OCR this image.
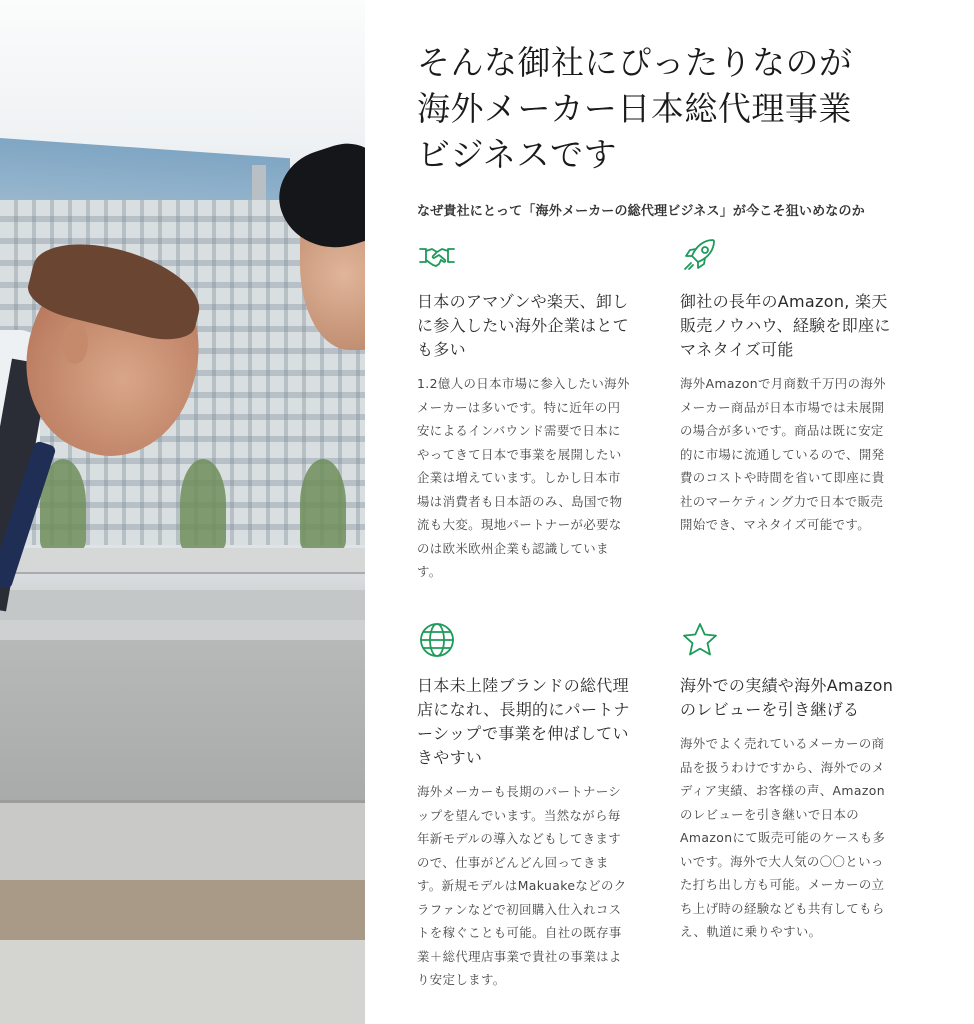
そんな御社にぴったりなのが
海外メーカー日本総代理事業
ビジネスです
なぜ貴社にとって「海外メーカーの総代理ビジネス」が今こそ狙いめなのか
日本のアマゾンや楽天、卸し
に参入したい海外企業はとて
も多い

1.2億人の日本市場に参入したい海外
メーカーは多いです。特に近年の円
安によるインバウンド需要で日本に
やってきて日本で事業を展開したい
企業は増えています。しかし日本市
場は消費者も日本語のみ、島国で物
流も大変。現地パートナーが必要な
のは欧米欧州企業も認識していま
す。

御社の長年のAmazon, 楽天
販売ノウハウ、経験を即座に
マネタイズ可能

海外Amazonで月商数千万円の海外
メーカー商品が日本市場では未展開
の場合が多いです。商品は既に安定
的に市場に流通しているので、開発
費のコストや時間を省いて即座に貴
社のマーケティング力で日本で販売
開始でき、マネタイズ可能です。

日本未上陸ブランドの総代理
店になれ、長期的にパートナ
ーシップで事業を伸ばしてい
きやすい

海外メーカーも長期のパートナーシ
ップを望んでいます。当然ながら毎
年新モデルの導入などもしてきます
ので、仕事がどんどん回ってきま
す。新規モデルはMakuakeなどのク
ラファンなどで初回購入仕入れコス
トを稼ぐことも可能。自社の既存事
業＋総代理店事業で貴社の事業はよ
り安定します。

海外での実績や海外Amazon
のレビューを引き継げる

海外でよく売れているメーカーの商
品を扱うわけですから、海外でのメ
ディア実績、お客様の声、Amazon
のレビューを引き継いで日本の
Amazonにて販売可能のケースも多
いです。海外で大人気の〇〇といっ
た打ち出し方も可能。メーカーの立
ち上げ時の経験なども共有してもら
え、軌道に乗りやすい。
